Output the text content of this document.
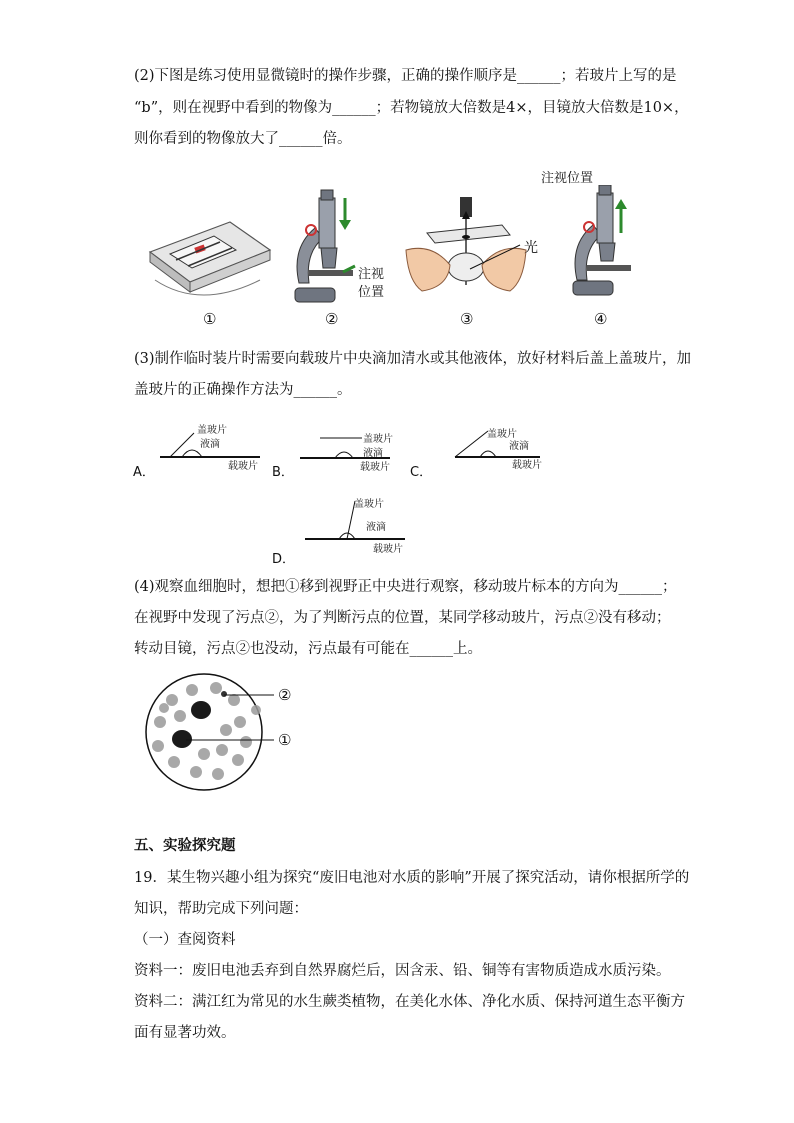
(2)下图是练习使用显微镜时的操作步骤，正确的操作顺序是______；若玻片上写的是
“b”，则在视野中看到的物像为______；若物镜放大倍数是4×，目镜放大倍数是10×，
则你看到的物像放大了______倍。
注视
位置
光
注视位置
①	②	③	④
(3)制作临时装片时需要向载玻片中央滴加清水或其他液体，放好材料后盖上盖玻片，加
盖玻片的正确操作方法为______。
盖玻片
液滴
载玻片
A．
盖玻片
液滴
载玻片
B．
盖玻片
液滴
载玻片
C．
盖玻片
液滴
载玻片
D．
(4)观察血细胞时，想把①移到视野正中央进行观察，移动玻片标本的方向为______；
在视野中发现了污点②，为了判断污点的位置，某同学移动玻片，污点②没有移动；
转动目镜，污点②也没动，污点最有可能在______上。
②
①
五、实验探究题
19．某生物兴趣小组为探究“废旧电池对水质的影响”开展了探究活动，请你根据所学的
知识，帮助完成下列问题：
（一）查阅资料
资料一：废旧电池丢弃到自然界腐烂后，因含汞、铅、铜等有害物质造成水质污染。
资料二：满江红为常见的水生蕨类植物，在美化水体、净化水质、保持河道生态平衡方
面有显著功效。
